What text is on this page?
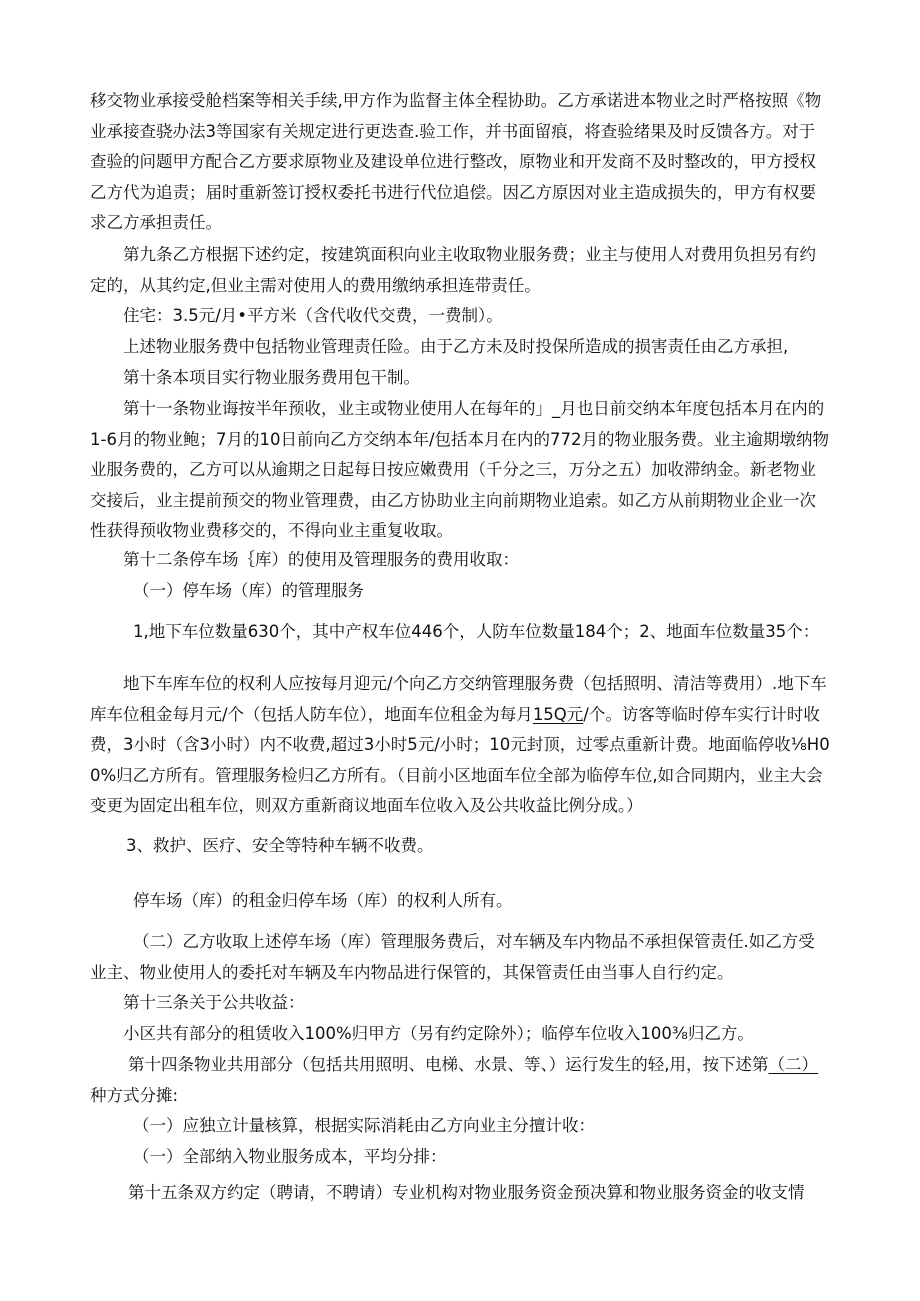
移交物业承接受舱档案等相关手续,甲方作为监督主体全程协助。乙方承诺进本物业之时严格按照《物业承接查骁办法3等国家有关规定进行更迭查.验工作，并书面留痕，将查验绪果及时反馈各方。对于查验的问题甲方配合乙方要求原物业及建设单位进行整改，原物业和开发商不及时整改的，甲方授权乙方代为追责；届时重新签订授权委托书进行代位追偿。因乙方原因对业主造成损失的，甲方有权要求乙方承担责任。

第九条乙方根据下述约定，按建筑面积向业主收取物业服务费；业主与使用人对费用负担另有约定的，从其约定,但业主需对使用人的费用缴纳承担连带责任。

住宅：3.5元/月•平方米（含代收代交费，一费制）。

上述物业服务费中包括物业管理责任险。由于乙方未及时投保所造成的损害责任由乙方承担,

第十条本项目实行物业服务费用包干制。

第十一条物业诲按半年预收，业主或物业使用人在每年的」_月也日前交纳本年度包括本月在内的1-6月的物业鲍；7月的10日前向乙方交纳本年/包括本月在内的772月的物业服务费。业主逾期墩纳物业服务费的，乙方可以从逾期之日起每日按应嫩费用（千分之三，万分之五）加收滞纳金。新老物业交接后，业主提前预交的物业管理费，由乙方协助业主向前期物业追索。如乙方从前期物业企业一次性获得预收物业费移交的，不得向业主重复收取。

第十二条停车场｛库）的使用及管理服务的费用收取：

（一）停车场（库）的管理服务

1,地下车位数量630个，其中产权车位446个，人防车位数量184个；2、地面车位数量35个：

地下车库车位的权利人应按每月迎元/个向乙方交纳管理服务费（包括照明、清洁等费用）.地下车库车位租金每月元/个（包括人防车位），地面车位租金为每月15Q元/个。访客等临时停车实行计时收费，3小时（含3小时）内不收费,超过3小时5元/小时；10元封顶，过零点重新计费。地面临停收⅛H00%归乙方所有。管理服务检归乙方所有。（目前小区地面车位全部为临停车位,如合同期内，业主大会变更为固定出租车位，则双方重新商议地面车位收入及公共收益比例分成。）

3、救护、医疗、安全等特种车辆不收费。

停车场（库）的租金归停车场（库）的权利人所有。

（二）乙方收取上述停车场（库）管理服务费后，对车辆及车内物品不承担保管责任.如乙方受业主、物业使用人的委托对车辆及车内物品进行保管的，其保管责任由当事人自行约定。

第十三条关于公共收益：

小区共有部分的租赁收入100%归甲方（另有约定除外）；临停车位收入100⅜归乙方。

第十四条物业共用部分（包括共用照明、电梯、水景、等、）运行发生的轻,用，按下述第（二）种方式分摊:

（一）应独立计量核算，根据实际消耗由乙方向业主分擅计收：

（一）全部纳入物业服务成本，平均分排：

第十五条双方约定（聘请，不聘请）专业机构对物业服务资金预决算和物业服务资金的收支情
